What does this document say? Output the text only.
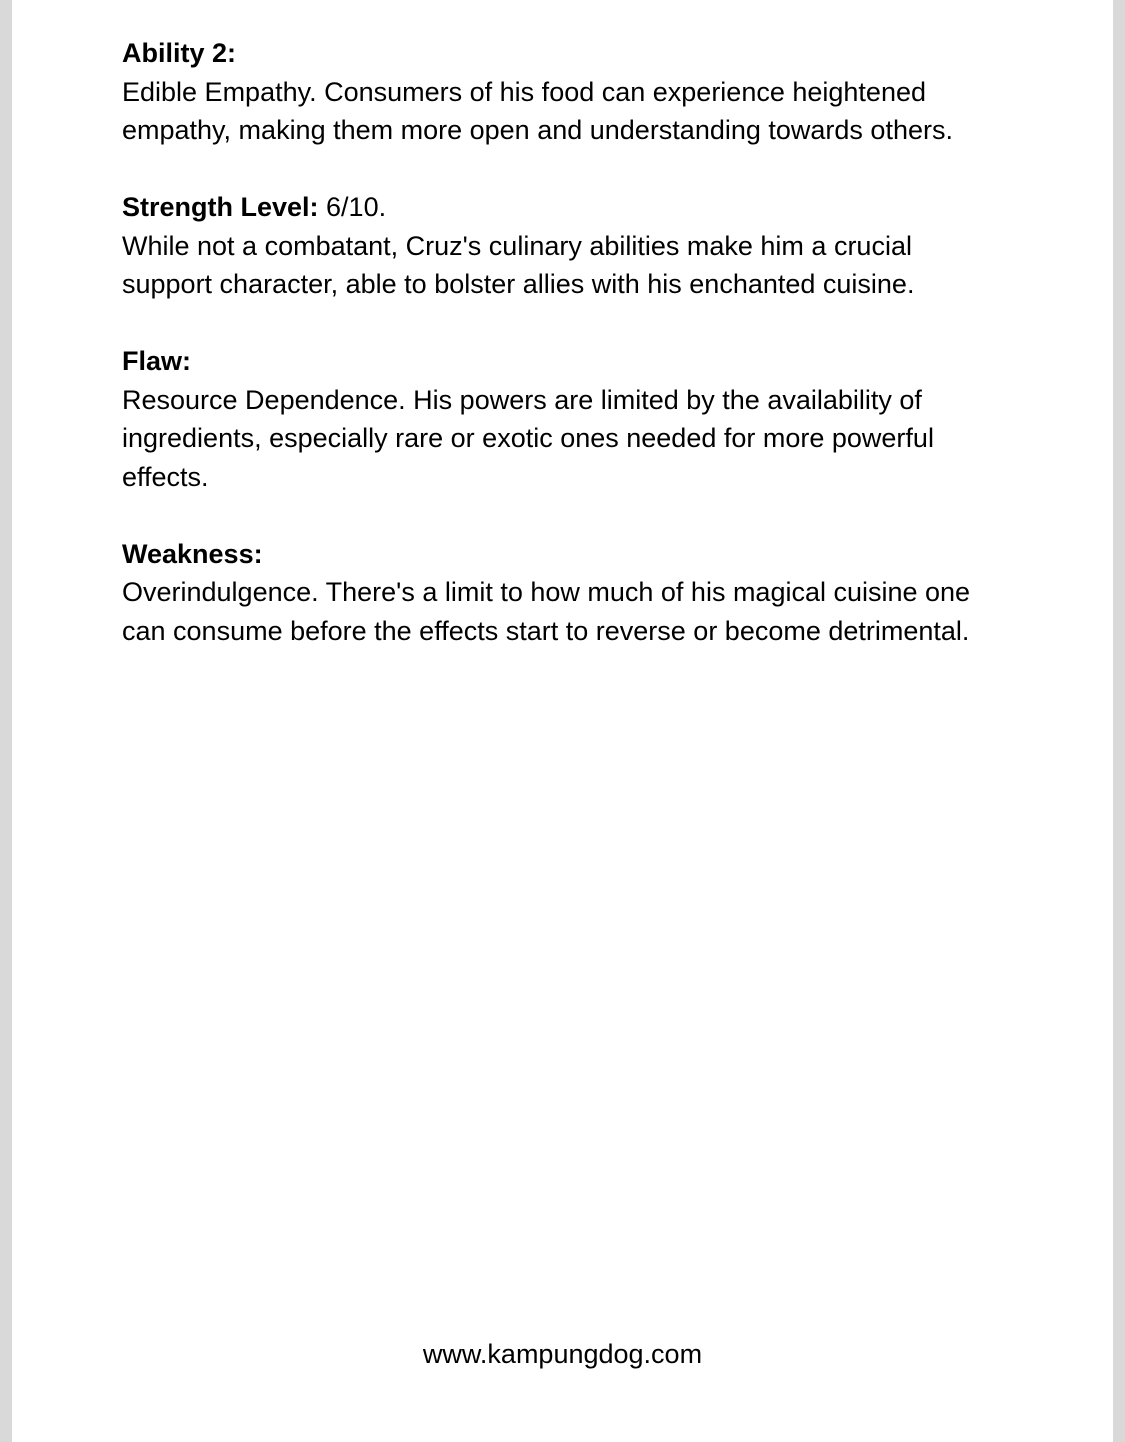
Ability 2:
Edible Empathy. Consumers of his food can experience heightened empathy, making them more open and understanding towards others.
Strength Level: 6/10.
While not a combatant, Cruz's culinary abilities make him a crucial support character, able to bolster allies with his enchanted cuisine.
Flaw:
Resource Dependence. His powers are limited by the availability of ingredients, especially rare or exotic ones needed for more powerful effects.
Weakness:
Overindulgence. There's a limit to how much of his magical cuisine one can consume before the effects start to reverse or become detrimental.
www.kampungdog.com
